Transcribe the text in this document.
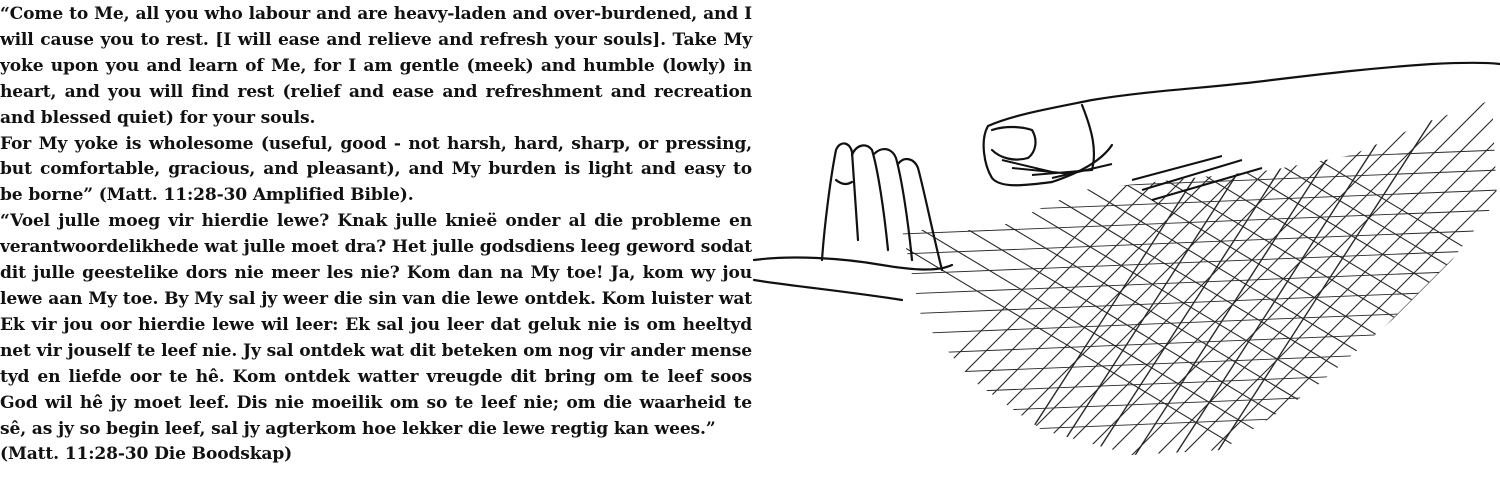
“Come to Me, all you who labour and are heavy-laden and over-burdened, and I will cause you to rest. [I will ease and relieve and refresh your souls]. Take My yoke upon you and learn of Me, for I am gentle (meek) and humble (lowly) in heart, and you will find rest (relief and ease and refreshment and recreation and blessed quiet) for your souls.

For My yoke is wholesome (useful, good - not harsh, hard, sharp, or pressing, but comfortable, gracious, and pleasant), and My burden is light and easy to be borne” (Matt. 11:28-30 Amplified Bible).

“Voel julle moeg vir hierdie lewe? Knak julle knieë onder al die probleme en verantwoordelikhede wat julle moet dra? Het julle godsdiens leeg geword sodat dit julle geestelike dors nie meer les nie? Kom dan na My toe! Ja, kom wy jou lewe aan My toe. By My sal jy weer die sin van die lewe ontdek. Kom luister wat Ek vir jou oor hierdie lewe wil leer: Ek sal jou leer dat geluk nie is om heeltyd net vir jouself te leef nie. Jy sal ontdek wat dit beteken om nog vir ander mense tyd en liefde oor te hê. Kom ontdek watter vreugde dit bring om te leef soos God wil hê jy moet leef. Dis nie moeilik om so te leef nie; om die waarheid te sê, as jy so begin leef, sal jy agterkom hoe lekker die lewe regtig kan wees.”

(Matt. 11:28-30 Die Boodskap)
